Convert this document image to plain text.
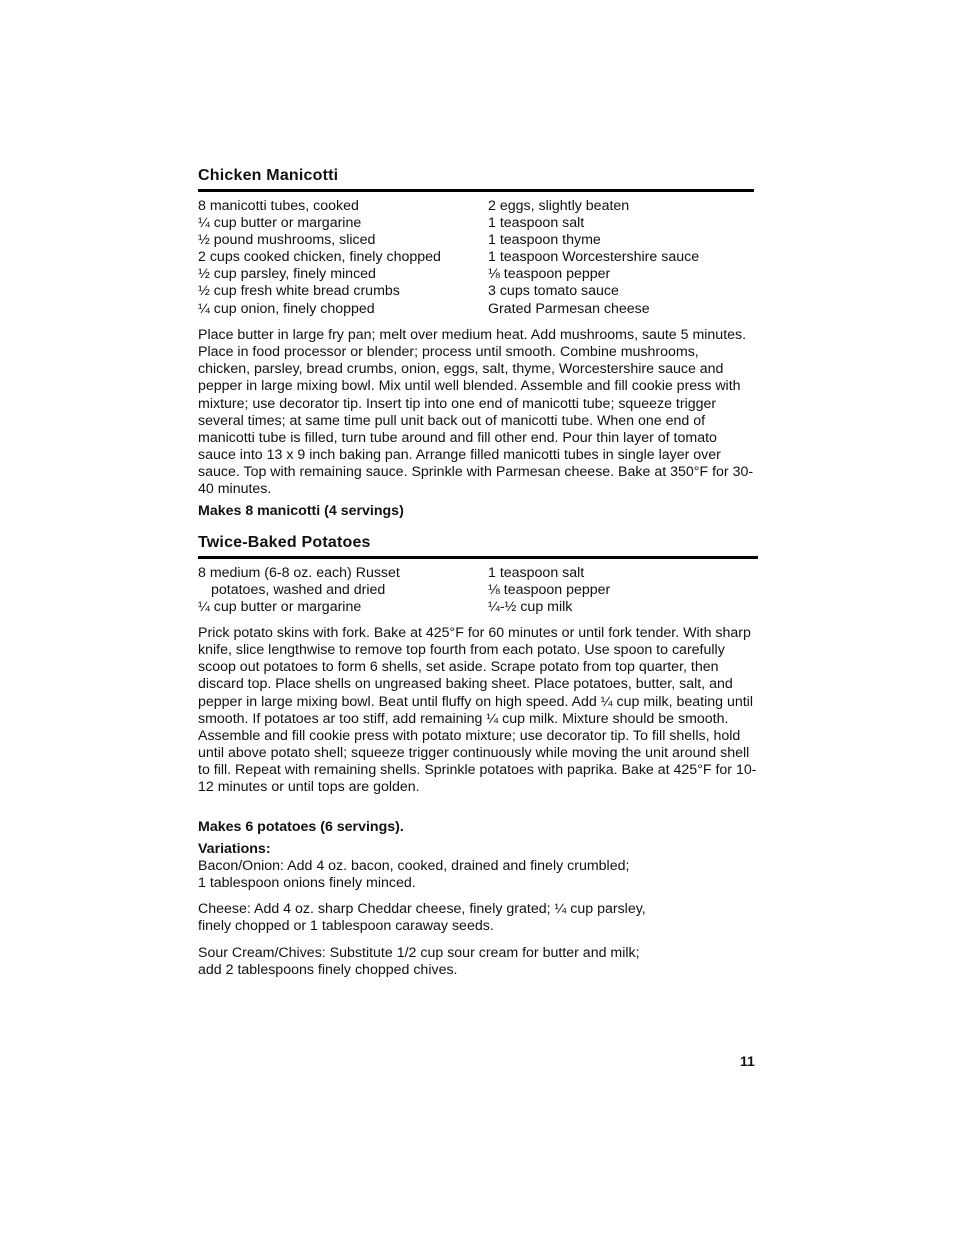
Chicken Manicotti
8 manicotti tubes, cooked
¼ cup butter or margarine
½ pound mushrooms, sliced
2 cups cooked chicken, finely chopped
½ cup parsley, finely minced
½ cup fresh white bread crumbs
¼ cup onion, finely chopped
2 eggs, slightly beaten
1 teaspoon salt
1 teaspoon thyme
1 teaspoon Worcestershire sauce
⅛ teaspoon pepper
3 cups tomato sauce
Grated Parmesan cheese
Place butter in large fry pan; melt over medium heat. Add mushrooms, saute 5 minutes. Place in food processor or blender; process until smooth. Combine mushrooms, chicken, parsley, bread crumbs, onion, eggs, salt, thyme, Worcestershire sauce and pepper in large mixing bowl. Mix until well blended. Assemble and fill cookie press with mixture; use decorator tip. Insert tip into one end of manicotti tube; squeeze trigger several times; at same time pull unit back out of manicotti tube. When one end of manicotti tube is filled, turn tube around and fill other end. Pour thin layer of tomato sauce into 13 x 9 inch baking pan. Arrange filled manicotti tubes in single layer over sauce. Top with remaining sauce. Sprinkle with Parmesan cheese. Bake at 350°F for 30-40 minutes.
Makes 8 manicotti (4 servings)
Twice-Baked Potatoes
8 medium (6-8 oz. each) Russet
potatoes, washed and dried
¼ cup butter or margarine
1 teaspoon salt
⅛ teaspoon pepper
¼-½ cup milk
Prick potato skins with fork. Bake at 425°F for 60 minutes or until fork tender. With sharp knife, slice lengthwise to remove top fourth from each potato. Use spoon to carefully scoop out potatoes to form 6 shells, set aside. Scrape potato from top quarter, then discard top. Place shells on ungreased baking sheet. Place potatoes, butter, salt, and pepper in large mixing bowl. Beat until fluffy on high speed. Add ¼ cup milk, beating until smooth. If potatoes ar too stiff, add remaining ¼ cup milk. Mixture should be smooth. Assemble and fill cookie press with potato mixture; use decorator tip. To fill shells, hold until above potato shell; squeeze trigger continuously while moving the unit around shell to fill. Repeat with remaining shells. Sprinkle potatoes with paprika. Bake at 425°F for 10-12 minutes or until tops are golden.
Makes 6 potatoes (6 servings).
Variations:
Bacon/Onion: Add 4 oz. bacon, cooked, drained and finely crumbled;
1 tablespoon onions finely minced.
Cheese: Add 4 oz. sharp Cheddar cheese, finely grated; ¼ cup parsley,
finely chopped or 1 tablespoon caraway seeds.
Sour Cream/Chives: Substitute 1/2 cup sour cream for butter and milk;
add 2 tablespoons finely chopped chives.
11
